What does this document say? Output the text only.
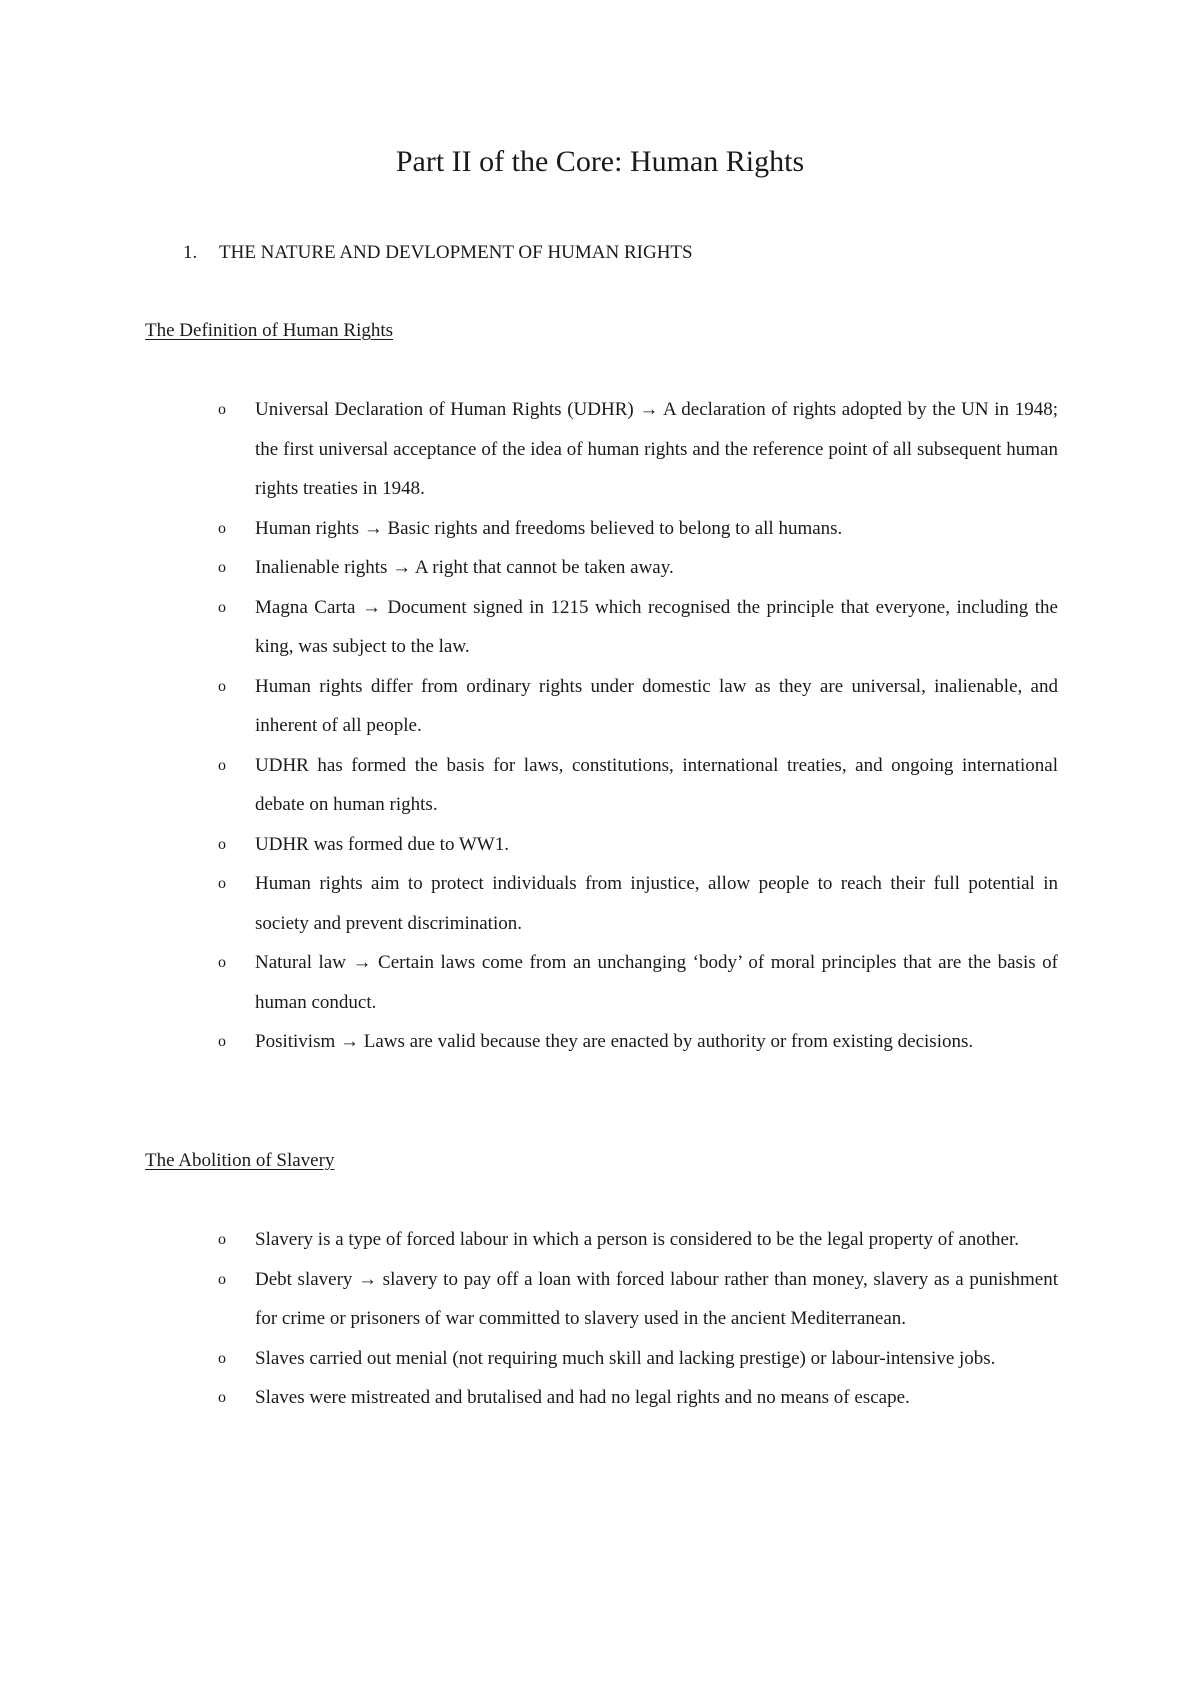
Part II of the Core: Human Rights
1. THE NATURE AND DEVLOPMENT OF HUMAN RIGHTS
The Definition of Human Rights
o Universal Declaration of Human Rights (UDHR) → A declaration of rights adopted by the UN in 1948; the first universal acceptance of the idea of human rights and the reference point of all subsequent human rights treaties in 1948.
o Human rights → Basic rights and freedoms believed to belong to all humans.
o Inalienable rights → A right that cannot be taken away.
o Magna Carta → Document signed in 1215 which recognised the principle that everyone, including the king, was subject to the law.
o Human rights differ from ordinary rights under domestic law as they are universal, inalienable, and inherent of all people.
o UDHR has formed the basis for laws, constitutions, international treaties, and ongoing international debate on human rights.
o UDHR was formed due to WW1.
o Human rights aim to protect individuals from injustice, allow people to reach their full potential in society and prevent discrimination.
o Natural law → Certain laws come from an unchanging ‘body’ of moral principles that are the basis of human conduct.
o Positivism → Laws are valid because they are enacted by authority or from existing decisions.
The Abolition of Slavery
o Slavery is a type of forced labour in which a person is considered to be the legal property of another.
o Debt slavery → slavery to pay off a loan with forced labour rather than money, slavery as a punishment for crime or prisoners of war committed to slavery used in the ancient Mediterranean.
o Slaves carried out menial (not requiring much skill and lacking prestige) or labour-intensive jobs.
o Slaves were mistreated and brutalised and had no legal rights and no means of escape.
